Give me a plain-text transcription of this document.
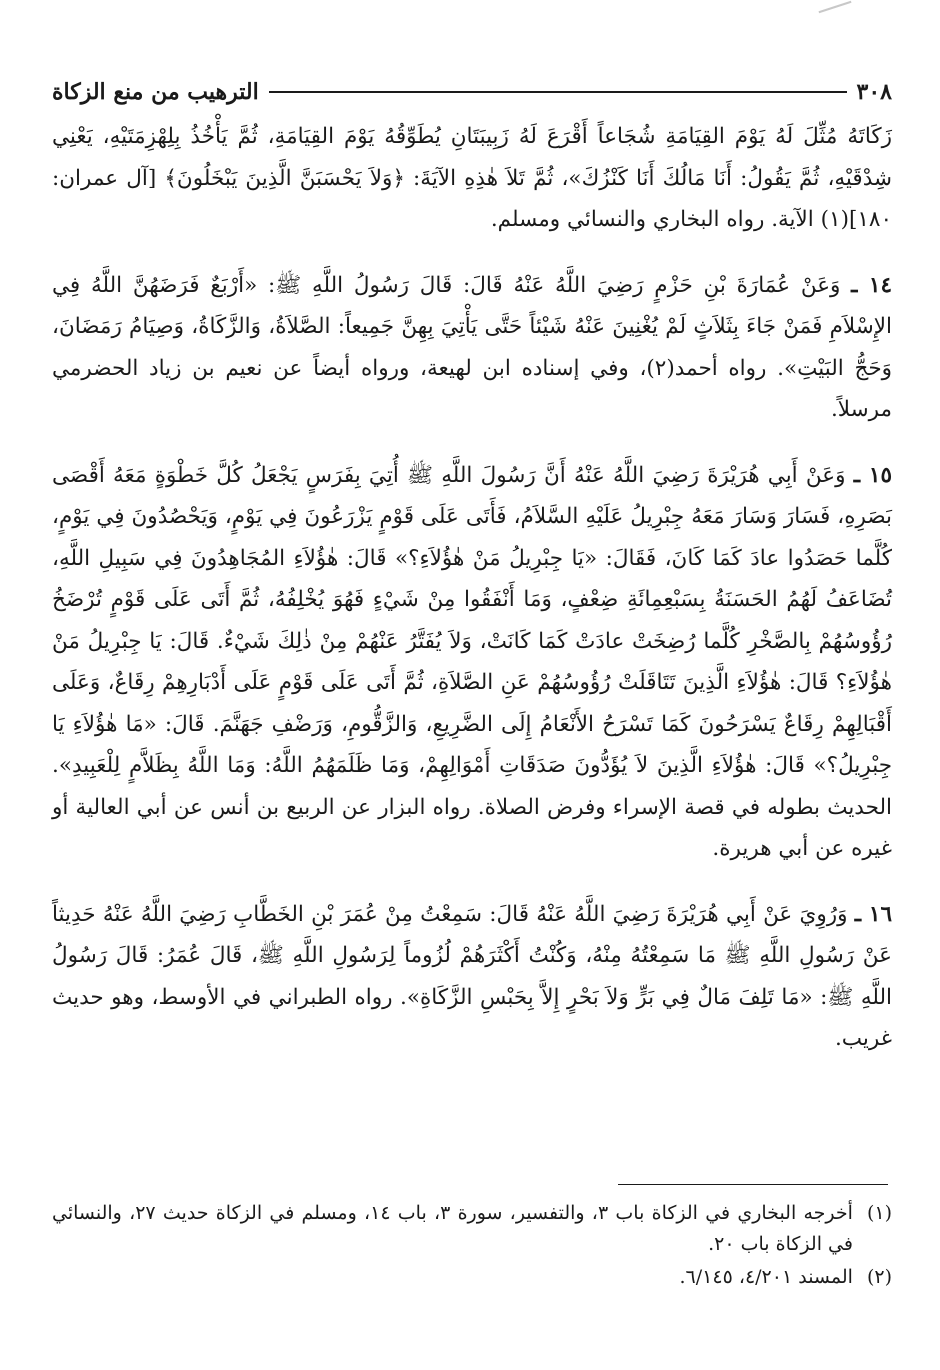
٣٠٨
الترهيب من منع الزكاة

زَكَاتَهُ مُثِّلَ لَهُ يَوْمَ القِيَامَةِ شُجَاعاً أَقْرَعَ لَهُ زَبِيبَتَانِ يُطَوِّقُهُ يَوْمَ القِيَامَةِ، ثُمَّ يَأْخُذُ بِلِهْزِمَتَيْهِ، يَعْنِي شِدْقَيْهِ، ثُمَّ يَقُولُ: أَنَا مَالُكَ أَنَا كَنْزُكَ»، ثُمَّ تَلاَ هٰذِهِ الآيَةَ: ﴿وَلاَ يَحْسَبَنَّ الَّذِينَ يَبْخَلُونَ﴾ [آل عمران: ١٨٠](١) الآية. رواه البخاري والنسائي ومسلم.

١٤ ـ وَعَنْ عُمَارَةَ بْنِ حَزْمٍ رَضِيَ اللَّهُ عَنْهُ قَالَ: قَالَ رَسُولُ اللَّهِ ﷺ: «أَرْبَعٌ فَرَضَهُنَّ اللَّهُ فِي الإِسْلاَمِ فَمَنْ جَاءَ بِثَلاَثٍ لَمْ يُغْنِينَ عَنْهُ شَيْئاً حَتَّى يَأْتِيَ بِهِنَّ جَمِيعاً: الصَّلاَةُ، وَالزَّكَاةُ، وَصِيَامُ رَمَضَانَ، وَحَجُّ البَيْتِ». رواه أحمد(٢)، وفي إسناده ابن لهيعة، ورواه أيضاً عن نعيم بن زياد الحضرمي مرسلاً.

١٥ ـ وَعَنْ أَبِي هُرَيْرَةَ رَضِيَ اللَّهُ عَنْهُ أَنَّ رَسُولَ اللَّهِ ﷺ أُتِيَ بِفَرَسٍ يَجْعَلُ كُلَّ خَطْوَةٍ مَعَهُ أَقْصَى بَصَرِهِ، فَسَارَ وَسَارَ مَعَهُ جِبْرِيلُ عَلَيْهِ السَّلاَمُ، فَأَتَى عَلَى قَوْمٍ يَزْرَعُونَ فِي يَوْمٍ، وَيَحْصُدُونَ فِي يَوْمٍ، كُلَّما حَصَدُوا عادَ كَمَا كَانَ، فَقَالَ: «يَا جِبْرِيلُ مَنْ هٰؤُلاَءِ؟» قَالَ: هٰؤُلاَءِ المُجَاهِدُونَ فِي سَبِيلِ اللَّهِ، تُضَاعَفُ لَهُمُ الحَسَنَةُ بِسَبْعِمِائَةِ ضِعْفٍ، وَمَا أَنْفَقُوا مِنْ شَيْءٍ فَهُوَ يُخْلِفُهُ، ثُمَّ أَتَى عَلَى قَوْمٍ تُرْضَخُ رُؤُوسُهُمْ بِالصَّخْرِ كُلَّما رُضِخَتْ عادَتْ كَمَا كَانَتْ، وَلاَ يُفَتَّرُ عَنْهُمْ مِنْ ذٰلِكَ شَيْءٌ. قَالَ: يَا جِبْرِيلُ مَنْ هٰؤُلاَءِ؟ قَالَ: هٰؤُلاَءِ الَّذِينَ تَتَاقَلَتْ رُؤُوسُهُمْ عَنِ الصَّلاَةِ، ثُمَّ أَتَى عَلَى قَوْمٍ عَلَى أَدْبَارِهِمْ رِقَاعٌ، وَعَلَى أَقْبَالِهِمْ رِقَاعٌ يَسْرَحُونَ كَمَا تَسْرَحُ الأَنْعَامُ إِلَى الضَّرِيعِ، وَالزَّقُّومِ، وَرَضْفِ جَهَنَّمَ. قَالَ: «مَا هٰؤُلاَءِ يَا جِبْرِيلُ؟» قَالَ: هٰؤُلاَءِ الَّذِينَ لاَ يُؤَدُّونَ صَدَقَاتِ أَمْوَالِهِمْ، وَمَا ظَلَمَهُمُ اللَّهُ: وَمَا اللَّهُ بِظَلاَّمٍ لِلْعَبِيدِ». الحديث بطوله في قصة الإسراء وفرض الصلاة. رواه البزار عن الربيع بن أنس عن أبي العالية أو غيره عن أبي هريرة.

١٦ ـ وَرُوِيَ عَنْ أَبِي هُرَيْرَةَ رَضِيَ اللَّهُ عَنْهُ قَالَ: سَمِعْتُ مِنْ عُمَرَ بْنِ الخَطَّابِ رَضِيَ اللَّهُ عَنْهُ حَدِيثاً عَنْ رَسُولِ اللَّهِ ﷺ مَا سَمِعْتُهُ مِنْهُ، وَكُنْتُ أَكْثَرَهُمْ لُزُوماً لِرَسُولِ اللَّهِ ﷺ، قَالَ عُمَرُ: قَالَ رَسُولُ اللَّهِ ﷺ: «مَا تَلِفَ مَالٌ فِي بَرٍّ وَلاَ بَحْرٍ إِلاَّ بِحَبْسِ الزَّكَاةِ». رواه الطبراني في الأوسط، وهو حديث غريب.

(١)
أخرجه البخاري في الزكاة باب ٣، والتفسير، سورة ٣، باب ١٤، ومسلم في الزكاة حديث ٢٧، والنسائي في الزكاة باب ٢٠.
(٢)
المسند ٤/٢٠١، ٦/١٤٥.
